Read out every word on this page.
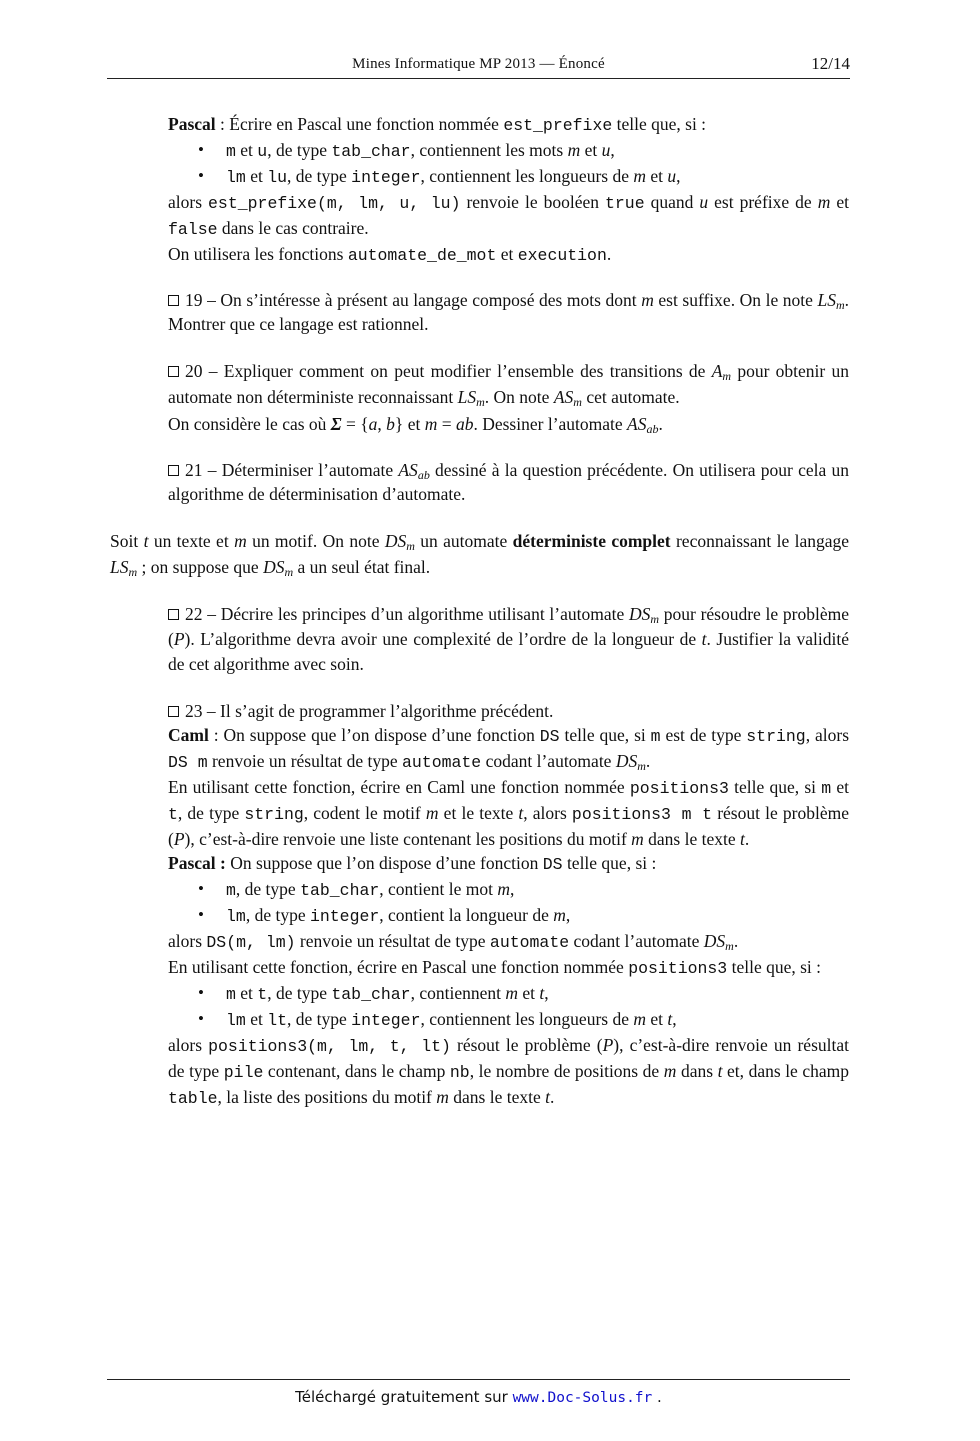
Mines Informatique MP 2013 — Énoncé	12/14

Pascal : Écrire en Pascal une fonction nommée est_prefixe telle que, si :

• m et u, de type tab_char, contiennent les mots m et u,

• lm et lu, de type integer, contiennent les longueurs de m et u,

alors est_prefixe(m, lm, u, lu) renvoie le booléen true quand u est préfixe de m et false dans le cas contraire.

On utilisera les fonctions automate_de_mot et execution.

19 – On s’intéresse à présent au langage composé des mots dont m est suffixe. On le note $LS_m$. Montrer que ce langage est rationnel.

20 – Expliquer comment on peut modifier l’ensemble des transitions de $A_m$ pour obtenir un automate non déterministe reconnaissant $LS_m$. On note $AS_m$ cet automate.

On considère le cas où Σ = {a, b} et m = ab. Dessiner l’automate $AS_{ab}$.

21 – Déterminiser l’automate $AS_{ab}$ dessiné à la question précédente. On utilisera pour cela un algorithme de déterminisation d’automate.

Soit t un texte et m un motif. On note $DS_m$ un automate déterministe complet reconnaissant le langage $LS_m$ ; on suppose que $DS_m$ a un seul état final.

22 – Décrire les principes d’un algorithme utilisant l’automate $DS_m$ pour résoudre le problème (P). L’algorithme devra avoir une complexité de l’ordre de la longueur de t. Justifier la validité de cet algorithme avec soin.

23 – Il s’agit de programmer l’algorithme précédent.

Caml : On suppose que l’on dispose d’une fonction DS telle que, si m est de type string, alors DS m renvoie un résultat de type automate codant l’automate $DS_m$.

En utilisant cette fonction, écrire en Caml une fonction nommée positions3 telle que, si m et t, de type string, codent le motif m et le texte t, alors positions3 m t résout le problème (P), c’est-à-dire renvoie une liste contenant les positions du motif m dans le texte t.

Pascal : On suppose que l’on dispose d’une fonction DS telle que, si :

• m, de type tab_char, contient le mot m,

• lm, de type integer, contient la longueur de m,

alors DS(m, lm) renvoie un résultat de type automate codant l’automate $DS_m$.

En utilisant cette fonction, écrire en Pascal une fonction nommée positions3 telle que, si :

• m et t, de type tab_char, contiennent m et t,

• lm et lt, de type integer, contiennent les longueurs de m et t,

alors positions3(m, lm, t, lt) résout le problème (P), c’est-à-dire renvoie un résultat de type pile contenant, dans le champ nb, le nombre de positions de m dans t et, dans le champ table, la liste des positions du motif m dans le texte t.

Téléchargé gratuitement sur www.Doc-Solus.fr .
